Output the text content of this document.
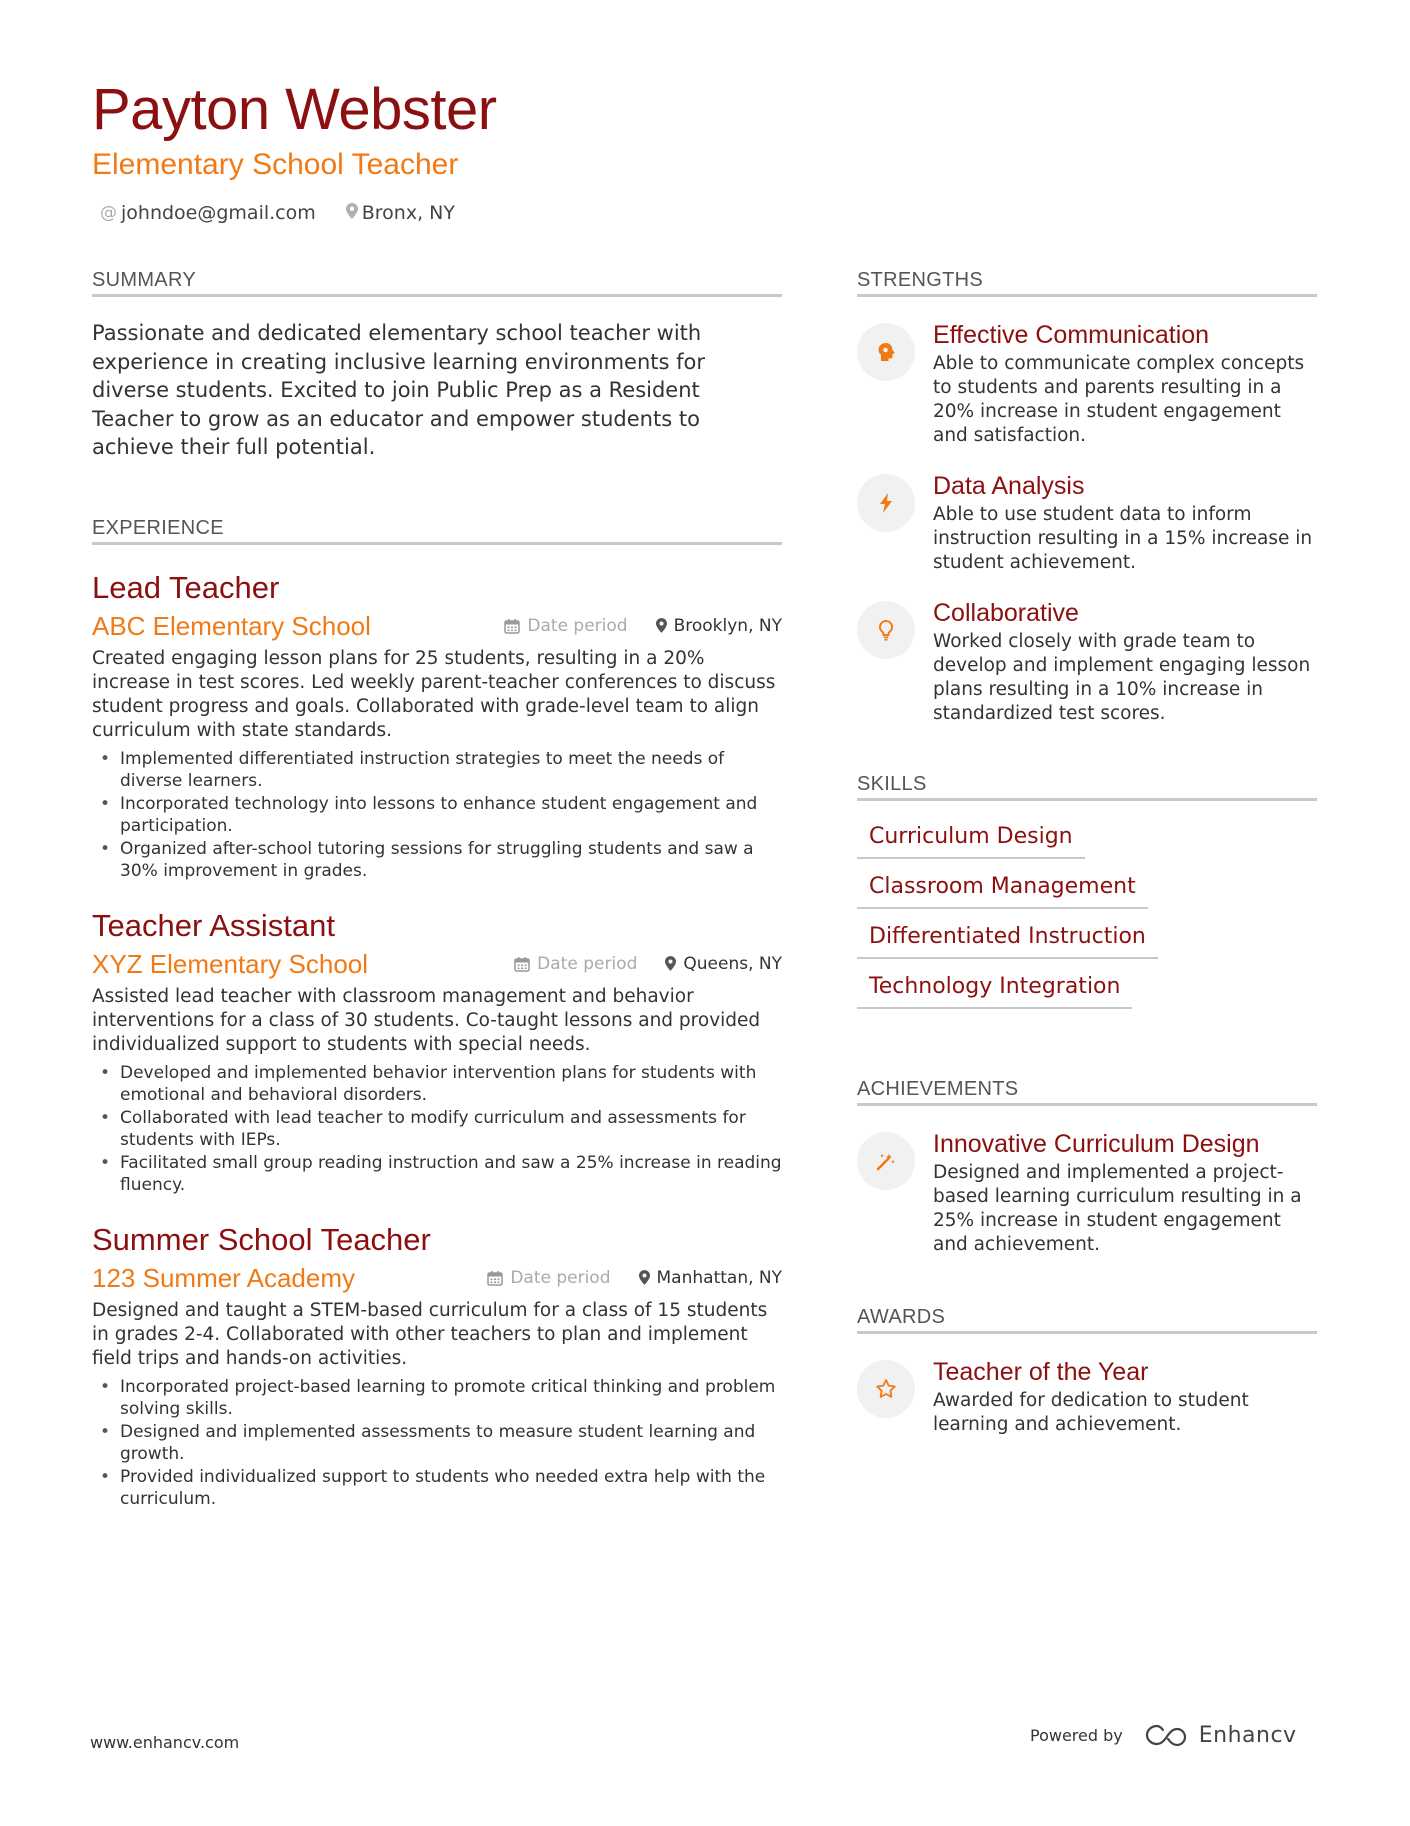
Payton Webster
Elementary School Teacher
@ johndoe@gmail.com Bronx, NY
SUMMARY
Passionate and dedicated elementary school teacher with experience in creating inclusive learning environments for diverse students. Excited to join Public Prep as a Resident Teacher to grow as an educator and empower students to achieve their full potential.
EXPERIENCE
Lead Teacher
ABC Elementary School	Date period	Brooklyn, NY
Created engaging lesson plans for 25 students, resulting in a 20% increase in test scores. Led weekly parent-teacher conferences to discuss student progress and goals. Collaborated with grade-level team to align curriculum with state standards.
• Implemented differentiated instruction strategies to meet the needs of diverse learners.
• Incorporated technology into lessons to enhance student engagement and participation.
• Organized after-school tutoring sessions for struggling students and saw a 30% improvement in grades.
Teacher Assistant
XYZ Elementary School	Date period	Queens, NY
Assisted lead teacher with classroom management and behavior interventions for a class of 30 students. Co-taught lessons and provided individualized support to students with special needs.
• Developed and implemented behavior intervention plans for students with emotional and behavioral disorders.
• Collaborated with lead teacher to modify curriculum and assessments for students with IEPs.
• Facilitated small group reading instruction and saw a 25% increase in reading fluency.
Summer School Teacher
123 Summer Academy	Date period	Manhattan, NY
Designed and taught a STEM-based curriculum for a class of 15 students in grades 2-4. Collaborated with other teachers to plan and implement field trips and hands-on activities.
• Incorporated project-based learning to promote critical thinking and problem solving skills.
• Designed and implemented assessments to measure student learning and growth.
• Provided individualized support to students who needed extra help with the curriculum.
STRENGTHS
Effective Communication
Able to communicate complex concepts to students and parents resulting in a 20% increase in student engagement and satisfaction.
Data Analysis
Able to use student data to inform instruction resulting in a 15% increase in student achievement.
Collaborative
Worked closely with grade team to develop and implement engaging lesson plans resulting in a 10% increase in standardized test scores.
SKILLS
Curriculum Design
Classroom Management
Differentiated Instruction
Technology Integration
ACHIEVEMENTS
Innovative Curriculum Design
Designed and implemented a project-based learning curriculum resulting in a 25% increase in student engagement and achievement.
AWARDS
Teacher of the Year
Awarded for dedication to student learning and achievement.
www.enhancv.com	Powered by	Enhancv
